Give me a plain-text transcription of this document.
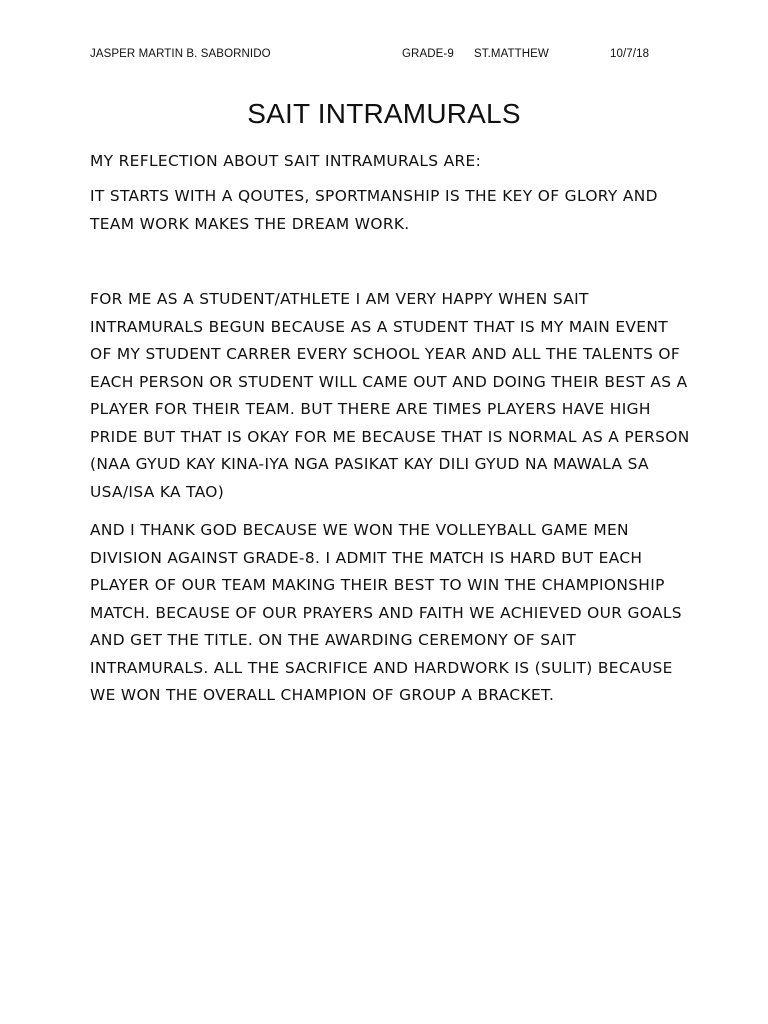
JASPER MARTIN B. SABORNIDO	GRADE-9 ST.MATTHEW	10/7/18
SAIT INTRAMURALS

MY REFLECTION ABOUT SAIT INTRAMURALS ARE:

IT STARTS WITH A QOUTES, SPORTMANSHIP IS THE KEY OF GLORY AND TEAM WORK MAKES THE DREAM WORK.

FOR ME AS A STUDENT/ATHLETE I AM VERY HAPPY WHEN SAIT INTRAMURALS BEGUN BECAUSE AS A STUDENT THAT IS MY MAIN EVENT OF MY STUDENT CARRER EVERY SCHOOL YEAR AND ALL THE TALENTS OF EACH PERSON OR STUDENT WILL CAME OUT AND DOING THEIR BEST AS A PLAYER FOR THEIR TEAM. BUT THERE ARE TIMES PLAYERS HAVE HIGH PRIDE BUT THAT IS OKAY FOR ME BECAUSE THAT IS NORMAL AS A PERSON (NAA GYUD KAY KINA-IYA NGA PASIKAT KAY DILI GYUD NA MAWALA SA USA/ISA KA TAO)

AND I THANK GOD BECAUSE WE WON THE VOLLEYBALL GAME MEN DIVISION AGAINST GRADE-8. I ADMIT THE MATCH IS HARD BUT EACH PLAYER OF OUR TEAM MAKING THEIR BEST TO WIN THE CHAMPIONSHIP MATCH. BECAUSE OF OUR PRAYERS AND FAITH WE ACHIEVED OUR GOALS AND GET THE TITLE. ON THE AWARDING CEREMONY OF SAIT INTRAMURALS. ALL THE SACRIFICE AND HARDWORK IS (SULIT) BECAUSE WE WON THE OVERALL CHAMPION OF GROUP A BRACKET.
